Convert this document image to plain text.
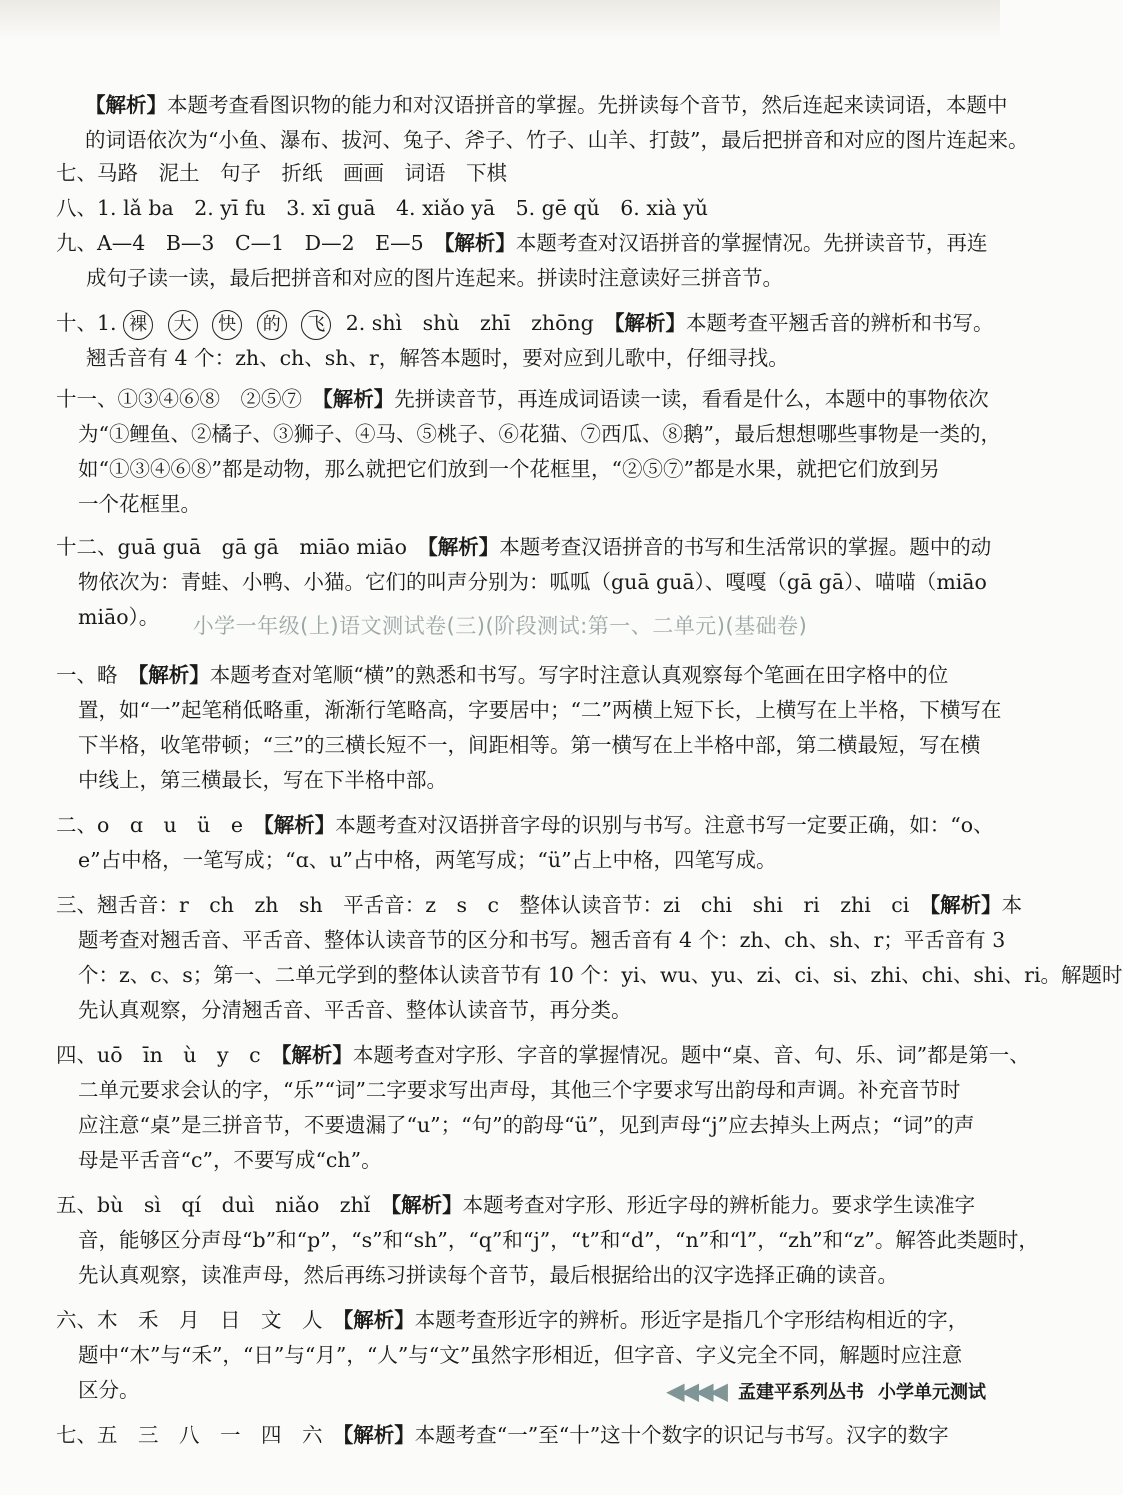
【解析】本题考查看图识物的能力和对汉语拼音的掌握。先拼读每个音节，然后连起来读词语，本题中

的词语依次为“小鱼、瀑布、拔河、兔子、斧子、竹子、山羊、打鼓”，最后把拼音和对应的图片连起来。

七、马路　泥土　句子　折纸　画画　词语　下棋

八、1. lǎ ba　2. yī fu　3. xī guā　4. xiǎo yā　5. gē qǔ　6. xià yǔ

九、A—4　B—3　C—1　D—2　E—5　【解析】本题考查对汉语拼音的掌握情况。先拼读音节，再连

成句子读一读，最后把拼音和对应的图片连起来。拼读时注意读好三拼音节。

十、1. 裸 大 快 的 飞 2. shì　shù　zhī　zhōng　【解析】本题考查平翘舌音的辨析和书写。

翘舌音有 4 个：zh、ch、sh、r，解答本题时，要对应到儿歌中，仔细寻找。

十一、①③④⑥⑧　②⑤⑦　【解析】先拼读音节，再连成词语读一读，看看是什么，本题中的事物依次

为“①鲤鱼、②橘子、③狮子、④马、⑤桃子、⑥花猫、⑦西瓜、⑧鹅”，最后想想哪些事物是一类的，

如“①③④⑥⑧”都是动物，那么就把它们放到一个花框里，“②⑤⑦”都是水果，就把它们放到另

一个花框里。

十二、guā guā　gā gā　miāo miāo　【解析】本题考查汉语拼音的书写和生活常识的掌握。题中的动

物依次为：青蛙、小鸭、小猫。它们的叫声分别为：呱呱（guā guā）、嘎嘎（gā gā）、喵喵（miāo

miāo）。	小学一年级(上)语文测试卷(三)(阶段测试:第一、二单元)(基础卷)

一、略　【解析】本题考查对笔顺“横”的熟悉和书写。写字时注意认真观察每个笔画在田字格中的位

置，如“一”起笔稍低略重，渐渐行笔略高，字要居中；“二”两横上短下长，上横写在上半格，下横写在

下半格，收笔带顿；“三”的三横长短不一，间距相等。第一横写在上半格中部，第二横最短，写在横

中线上，第三横最长，写在下半格中部。

二、o　ɑ　u　ü　e　【解析】本题考查对汉语拼音字母的识别与书写。注意书写一定要正确，如：“o、

e”占中格，一笔写成；“ɑ、u”占中格，两笔写成；“ü”占上中格，四笔写成。

三、翘舌音：r　ch　zh　sh　平舌音：z　s　c　整体认读音节：zi　chi　shi　ri　zhi　ci　【解析】本

题考查对翘舌音、平舌音、整体认读音节的区分和书写。翘舌音有 4 个：zh、ch、sh、r；平舌音有 3

个：z、c、s；第一、二单元学到的整体认读音节有 10 个：yi、wu、yu、zi、ci、si、zhi、chi、shi、ri。解题时

先认真观察，分清翘舌音、平舌音、整体认读音节，再分类。

四、uō　īn　ù　y　c　【解析】本题考查对字形、字音的掌握情况。题中“桌、音、句、乐、词”都是第一、

二单元要求会认的字，“乐”“词”二字要求写出声母，其他三个字要求写出韵母和声调。补充音节时

应注意“桌”是三拼音节，不要遗漏了“u”；“句”的韵母“ü”，见到声母“j”应去掉头上两点；“词”的声

母是平舌音“c”，不要写成“ch”。

五、bù　sì　qí　duì　niǎo　zhǐ　【解析】本题考查对字形、形近字母的辨析能力。要求学生读准字

音，能够区分声母“b”和“p”，“s”和“sh”，“q”和“j”，“t”和“d”，“n”和“l”，“zh”和“z”。解答此类题时，

先认真观察，读准声母，然后再练习拼读每个音节，最后根据给出的汉字选择正确的读音。

六、木　禾　月　日　文　人　【解析】本题考查形近字的辨析。形近字是指几个字形结构相近的字，

题中“木”与“禾”，“日”与“月”，“人”与“文”虽然字形相近，但字音、字义完全不同，解题时应注意

区分。

七、五　三　八　一　四　六　【解析】本题考查“一”至“十”这十个数字的识记与书写。汉字的数字

◀◀◀◀ 孟建平系列丛书 小学单元测试
